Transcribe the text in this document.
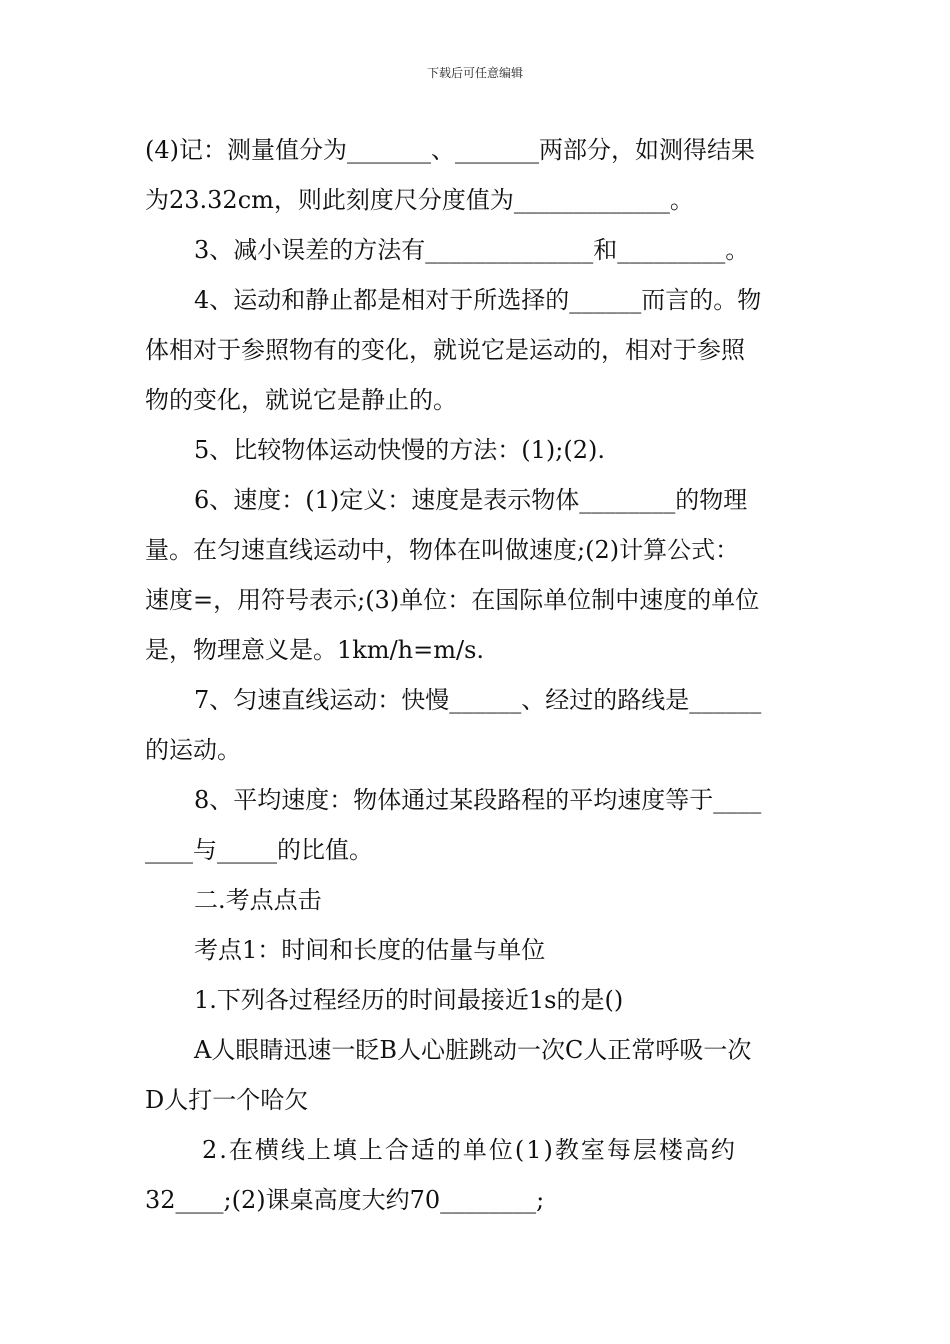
下载后可任意编辑
(4)记：测量值分为_______、_______两部分，如测得结果
为23.32cm，则此刻度尺分度值为_____________。
3、减小误差的方法有______________和_________。
4、运动和静止都是相对于所选择的______而言的。物
体相对于参照物有的变化，就说它是运动的，相对于参照
物的变化，就说它是静止的。
5、比较物体运动快慢的方法：(1);(2).
6、速度：(1)定义：速度是表示物体________的物理
量。在匀速直线运动中，物体在叫做速度;(2)计算公式：
速度=，用符号表示;(3)单位：在国际单位制中速度的单位
是，物理意义是。1km/h=m/s.
7、匀速直线运动：快慢______、经过的路线是______
的运动。
8、平均速度：物体通过某段路程的平均速度等于____
____与_____的比值。
二.考点点击
考点1：时间和长度的估量与单位
1.下列各过程经历的时间最接近1s的是()
A人眼睛迅速一眨B人心脏跳动一次C人正常呼吸一次
D人打一个哈欠
2.在横线上填上合适的单位(1)教室每层楼高约
32____;(2)课桌高度大约70________;
